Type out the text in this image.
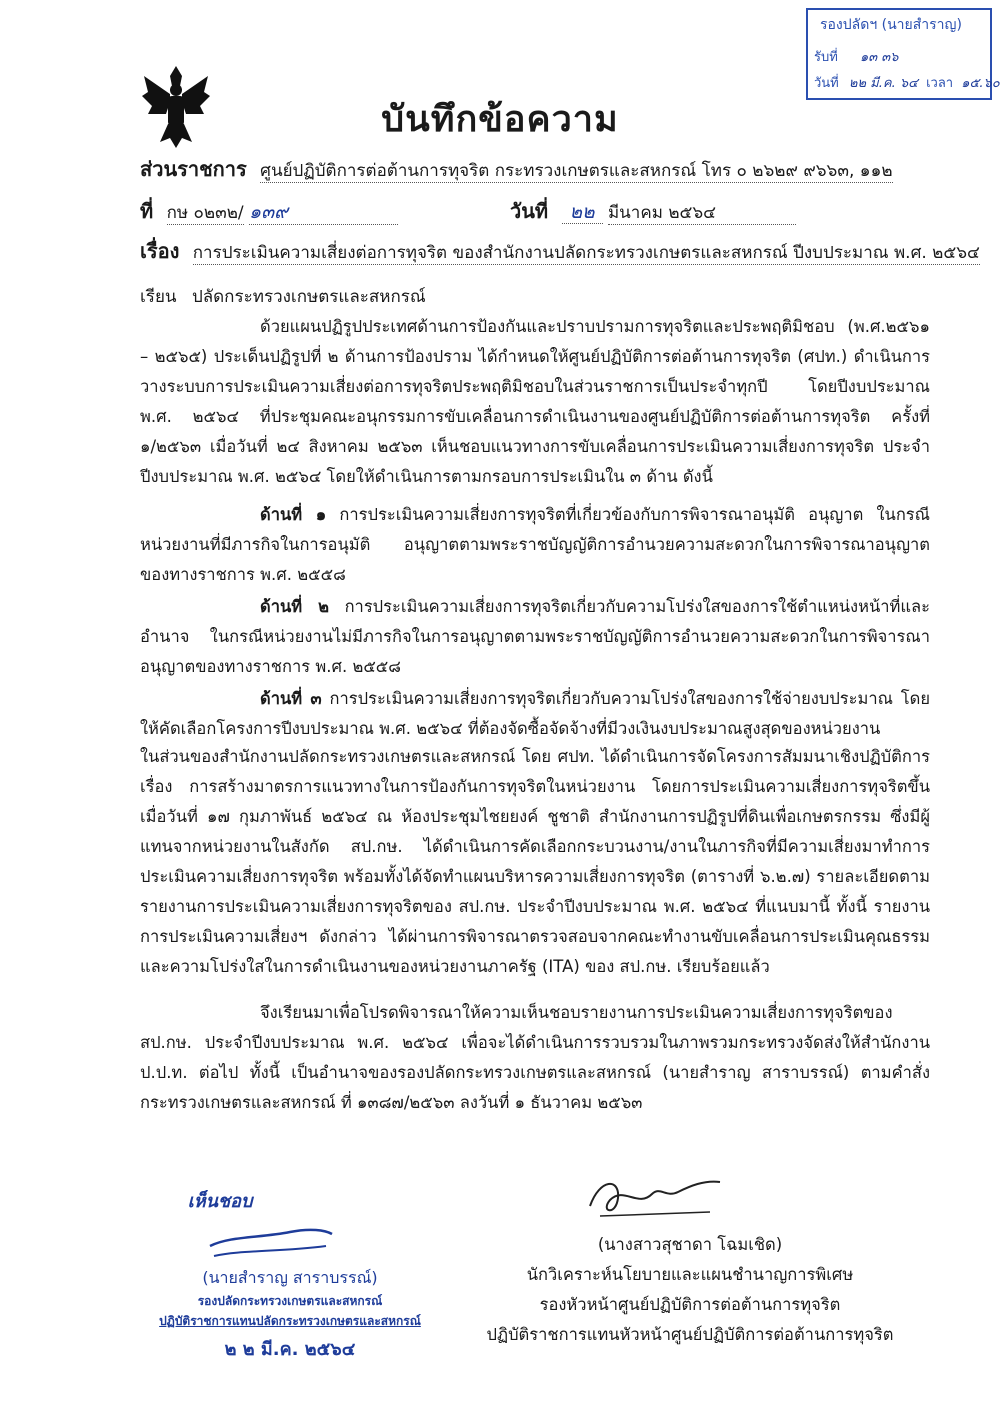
รองปลัดฯ (นายสำราญ)
รับที่ ๑๓ ๓๖
วันที่ ๒๒ มี.ค. ๖๔ เวลา ๑๕.๖๐
บันทึกข้อความ
ส่วนราชการ ศูนย์ปฏิบัติการต่อต้านการทุจริต กระทรวงเกษตรและสหกรณ์ โทร ๐ ๒๖๒๙ ๙๖๖๓, ๑๑๒
ที่ กษ ๐๒๓๒/ ๑๓๙	วันที่ ๒๒ มีนาคม ๒๕๖๔
เรื่อง การประเมินความเสี่ยงต่อการทุจริต ของสำนักงานปลัดกระทรวงเกษตรและสหกรณ์ ปีงบประมาณ พ.ศ. ๒๕๖๔
เรียน ปลัดกระทรวงเกษตรและสหกรณ์

ด้วยแผนปฏิรูปประเทศด้านการป้องกันและปราบปรามการทุจริตและประพฤติมิชอบ (พ.ศ.๒๕๖๑ – ๒๕๖๕) ประเด็นปฏิรูปที่ ๒ ด้านการป้องปราม ได้กำหนดให้ศูนย์ปฏิบัติการต่อต้านการทุจริต (ศปท.) ดำเนินการวางระบบการประเมินความเสี่ยงต่อการทุจริตประพฤติมิชอบในส่วนราชการเป็นประจำทุกปี โดยปีงบประมาณ พ.ศ. ๒๕๖๔ ที่ประชุมคณะอนุกรรมการขับเคลื่อนการดำเนินงานของศูนย์ปฏิบัติการต่อต้านการทุจริต ครั้งที่ ๑/๒๕๖๓ เมื่อวันที่ ๒๔ สิงหาคม ๒๕๖๓ เห็นชอบแนวทางการขับเคลื่อนการประเมินความเสี่ยงการทุจริต ประจำปีงบประมาณ พ.ศ. ๒๕๖๔ โดยให้ดำเนินการตามกรอบการประเมินใน ๓ ด้าน ดังนี้

ด้านที่ ๑ การประเมินความเสี่ยงการทุจริตที่เกี่ยวข้องกับการพิจารณาอนุมัติ อนุญาต ในกรณีหน่วยงานที่มีภารกิจในการอนุมัติ อนุญาตตามพระราชบัญญัติการอำนวยความสะดวกในการพิจารณาอนุญาตของทางราชการ พ.ศ. ๒๕๕๘

ด้านที่ ๒ การประเมินความเสี่ยงการทุจริตเกี่ยวกับความโปร่งใสของการใช้ตำแหน่งหน้าที่และอำนาจ ในกรณีหน่วยงานไม่มีภารกิจในการอนุญาตตามพระราชบัญญัติการอำนวยความสะดวกในการพิจารณาอนุญาตของทางราชการ พ.ศ. ๒๕๕๘

ด้านที่ ๓ การประเมินความเสี่ยงการทุจริตเกี่ยวกับความโปร่งใสของการใช้จ่ายงบประมาณ โดยให้คัดเลือกโครงการปีงบประมาณ พ.ศ. ๒๕๖๔ ที่ต้องจัดซื้อจัดจ้างที่มีวงเงินงบประมาณสูงสุดของหน่วยงาน

ในส่วนของสำนักงานปลัดกระทรวงเกษตรและสหกรณ์ โดย ศปท. ได้ดำเนินการจัดโครงการสัมมนาเชิงปฏิบัติการ เรื่อง การสร้างมาตรการแนวทางในการป้องกันการทุจริตในหน่วยงาน โดยการประเมินความเสี่ยงการทุจริตขึ้น เมื่อวันที่ ๑๗ กุมภาพันธ์ ๒๕๖๔ ณ ห้องประชุมไชยยงค์ ชูชาติ สำนักงานการปฏิรูปที่ดินเพื่อเกษตรกรรม ซึ่งมีผู้แทนจากหน่วยงานในสังกัด สป.กษ. ได้ดำเนินการคัดเลือกกระบวนงาน/งานในภารกิจที่มีความเสี่ยงมาทำการประเมินความเสี่ยงการทุจริต พร้อมทั้งได้จัดทำแผนบริหารความเสี่ยงการทุจริต (ตารางที่ ๖.๒.๗) รายละเอียดตามรายงานการประเมินความเสี่ยงการทุจริตของ สป.กษ. ประจำปีงบประมาณ พ.ศ. ๒๕๖๔ ที่แนบมานี้ ทั้งนี้ รายงานการประเมินความเสี่ยงฯ ดังกล่าว ได้ผ่านการพิจารณาตรวจสอบจากคณะทำงานขับเคลื่อนการประเมินคุณธรรมและความโปร่งใสในการดำเนินงานของหน่วยงานภาครัฐ (ITA) ของ สป.กษ. เรียบร้อยแล้ว

จึงเรียนมาเพื่อโปรดพิจารณาให้ความเห็นชอบรายงานการประเมินความเสี่ยงการทุจริตของ สป.กษ. ประจำปีงบประมาณ พ.ศ. ๒๕๖๔ เพื่อจะได้ดำเนินการรวบรวมในภาพรวมกระทรวงจัดส่งให้สำนักงาน ป.ป.ท. ต่อไป ทั้งนี้ เป็นอำนาจของรองปลัดกระทรวงเกษตรและสหกรณ์ (นายสำราญ สาราบรรณ์) ตามคำสั่งกระทรวงเกษตรและสหกรณ์ ที่ ๑๓๘๗/๒๕๖๓ ลงวันที่ ๑ ธันวาคม ๒๕๖๓

(นางสาวสุชาดา โฉมเชิด)
นักวิเคราะห์นโยบายและแผนชำนาญการพิเศษ
รองหัวหน้าศูนย์ปฏิบัติการต่อต้านการทุจริต
ปฏิบัติราชการแทนหัวหน้าศูนย์ปฏิบัติการต่อต้านการทุจริต
เห็นชอบ
(นายสำราญ สาราบรรณ์)
รองปลัดกระทรวงเกษตรและสหกรณ์
ปฏิบัติราชการแทนปลัดกระทรวงเกษตรและสหกรณ์
๒ ๒ มี.ค. ๒๕๖๔
